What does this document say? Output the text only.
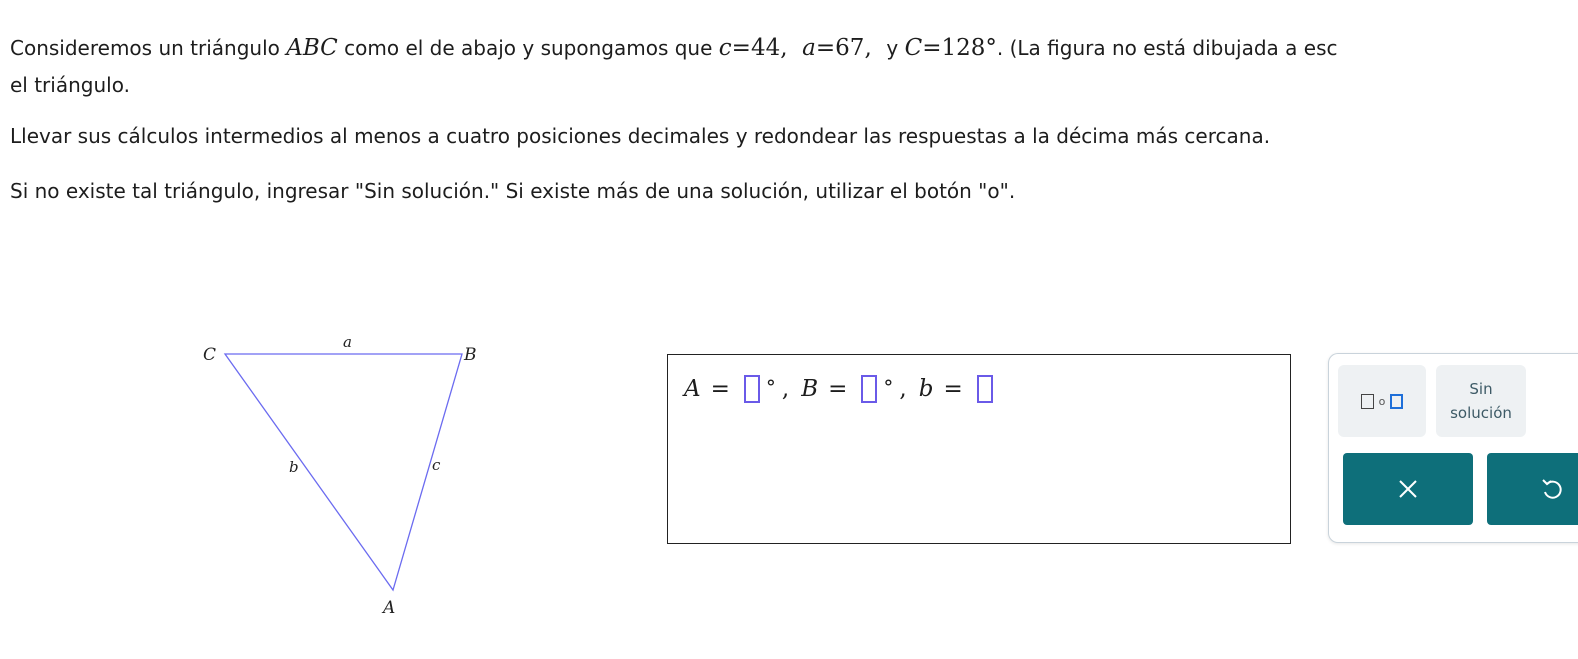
Consideremos un triángulo ABC como el de abajo y supongamos que c=44,  a=67,  y C=128°. (La figura no está dibujada a esc
el triángulo.
Llevar sus cálculos intermedios al menos a cuatro posiciones decimales y redondear las respuestas a la décima más cercana.
Si no existe tal triángulo, ingresar "Sin solución." Si existe más de una solución, utilizar el botón "o".
C	B
A
a
b	c
A = ° , B = ° , b =	o
Sin
solución
